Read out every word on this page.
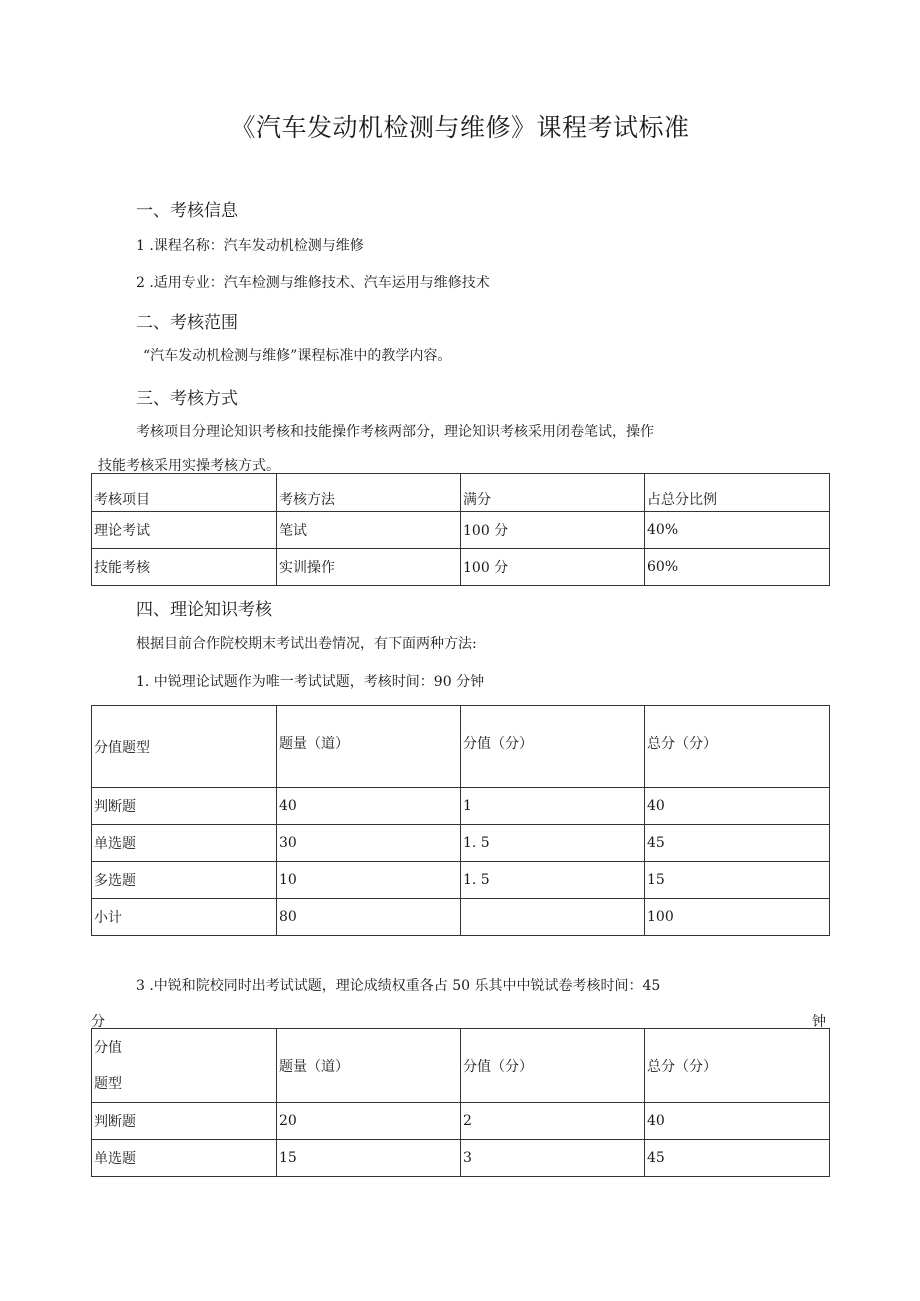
《汽车发动机检测与维修》课程考试标准
一、考核信息
1 .课程名称：汽车发动机检测与维修
2 .适用专业：汽车检测与维修技术、汽车运用与维修技术
二、考核范围
“汽车发动机检测与维修”课程标准中的教学内容。
三、考核方式
考核项目分理论知识考核和技能操作考核两部分，理论知识考核采用闭卷笔试，操作
技能考核采用实操考核方式。
考核项目	考核方法	满分	占总分比例
理论考试	笔试	100 分	40%
技能考核	实训操作	100 分	60%
四、理论知识考核
根据目前合作院校期末考试出卷情况，有下面两种方法:
1. 中锐理论试题作为唯一考试试题，考核时间：90 分钟
分值题型	题量（道）	分值（分）	总分（分）
判断题	40	1	40
单选题	30	1. 5	45
多选题	10	1. 5	15
小计	80		100
3 .中锐和院校同时出考试试题，理论成绩权重各占 50 乐其中中锐试卷考核时间：45
分	钟
分值
题型	题量（道）	分值（分）	总分（分）
判断题	20	2	40
单选题	15	3	45
